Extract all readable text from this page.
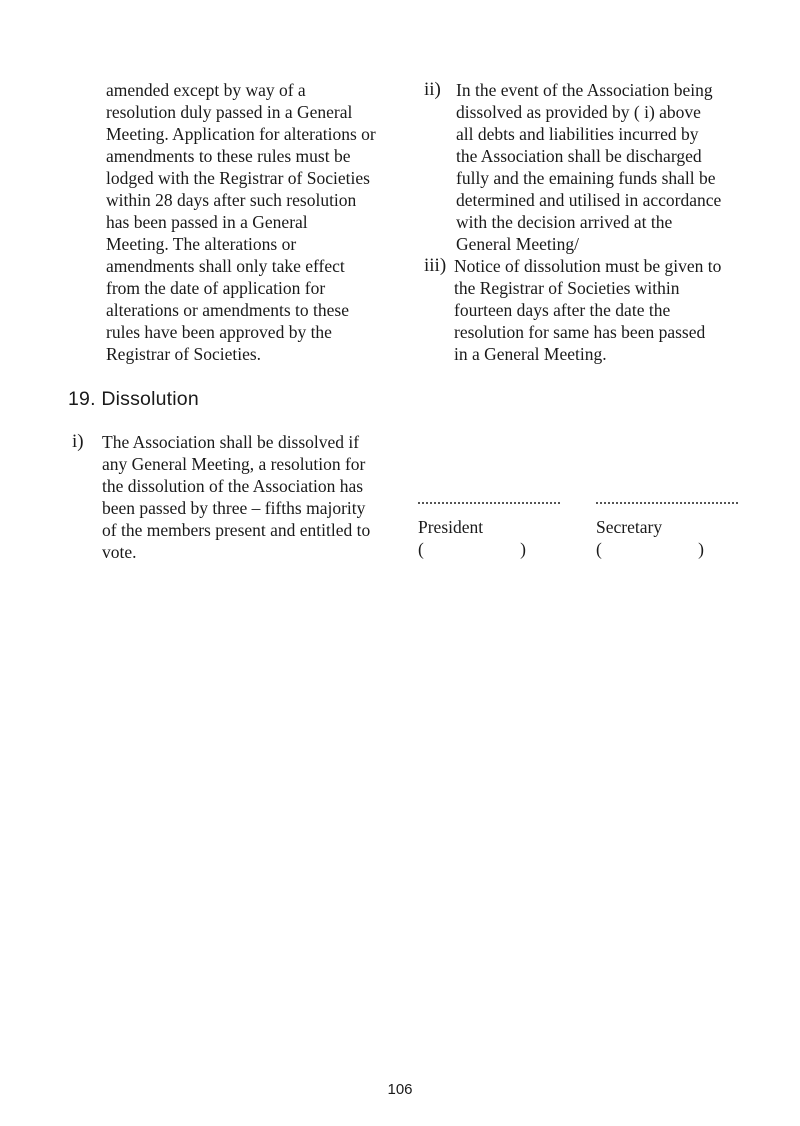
amended except by way of a
resolution duly passed in a General
Meeting. Application for alterations or
amendments to these rules must be
lodged with the Registrar of Societies
within 28 days after such resolution
has been passed in a General
Meeting. The alterations or
amendments shall only take effect
from the date of application for
alterations or amendments to these
rules have been approved by the
Registrar of Societies.
19. Dissolution
i) The Association shall be dissolved if
any General Meeting, a resolution for
the dissolution of the Association has
been passed by three – fifths majority
of the members present and entitled to
vote.
ii) In the event of the Association being
dissolved as provided by ( i) above
all debts and liabilities incurred by
the Association shall be discharged
fully and the emaining funds shall be
determined and utilised in accordance
with the decision arrived at the
General Meeting/
iii) Notice of dissolution must be given to
the Registrar of Societies within
fourteen days after the date the
resolution for same has been passed
in a General Meeting.
President
(	)
Secretary
(	)
106
